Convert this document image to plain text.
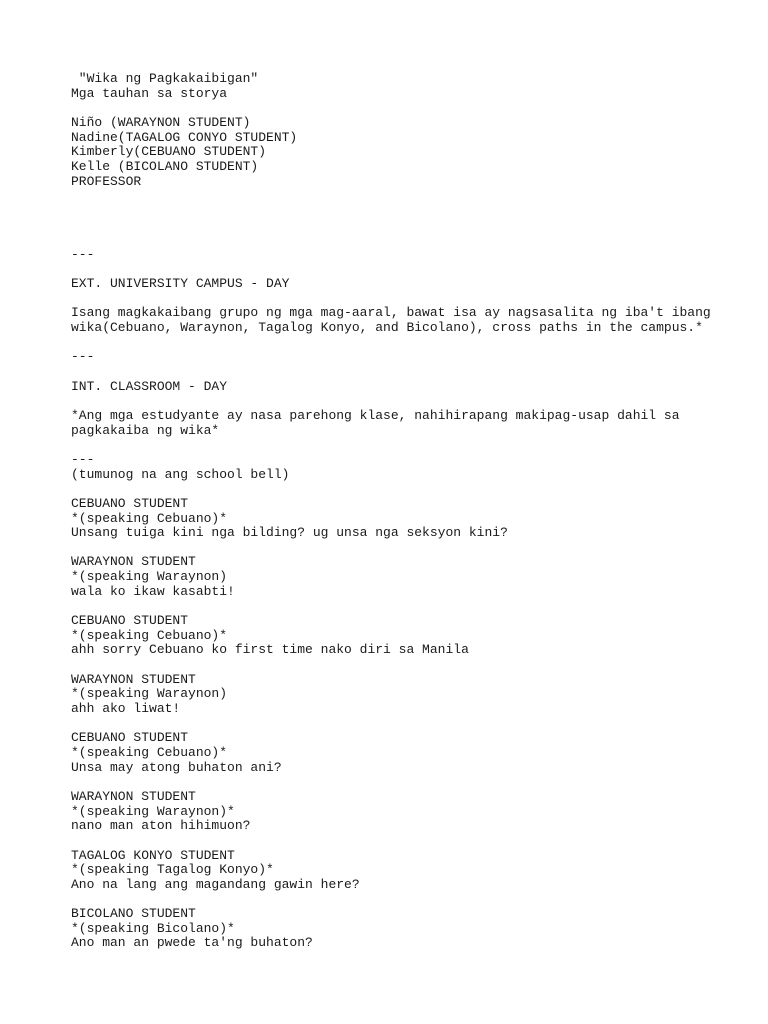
"Wika ng Pagkakaibigan"
Mga tauhan sa storya
Niño (WARAYNON STUDENT)
Nadine(TAGALOG CONYO STUDENT)
Kimberly(CEBUANO STUDENT)
Kelle (BICOLANO STUDENT)
PROFESSOR
---
EXT. UNIVERSITY CAMPUS - DAY
Isang magkakaibang grupo ng mga mag-aaral, bawat isa ay nagsasalita ng iba't ibang
wika(Cebuano, Waraynon, Tagalog Konyo, and Bicolano), cross paths in the campus.*
---
INT. CLASSROOM - DAY
*Ang mga estudyante ay nasa parehong klase, nahihirapang makipag-usap dahil sa
pagkakaiba ng wika*
---
(tumunog na ang school bell)
CEBUANO STUDENT
*(speaking Cebuano)*
Unsang tuiga kini nga bilding? ug unsa nga seksyon kini?
WARAYNON STUDENT
*(speaking Waraynon)
wala ko ikaw kasabti!
CEBUANO STUDENT
*(speaking Cebuano)*
ahh sorry Cebuano ko first time nako diri sa Manila
WARAYNON STUDENT
*(speaking Waraynon)
ahh ako liwat!
CEBUANO STUDENT
*(speaking Cebuano)*
Unsa may atong buhaton ani?
WARAYNON STUDENT
*(speaking Waraynon)*
nano man aton hihimuon?
TAGALOG KONYO STUDENT
*(speaking Tagalog Konyo)*
Ano na lang ang magandang gawin here?
BICOLANO STUDENT
*(speaking Bicolano)*
Ano man an pwede ta'ng buhaton?
